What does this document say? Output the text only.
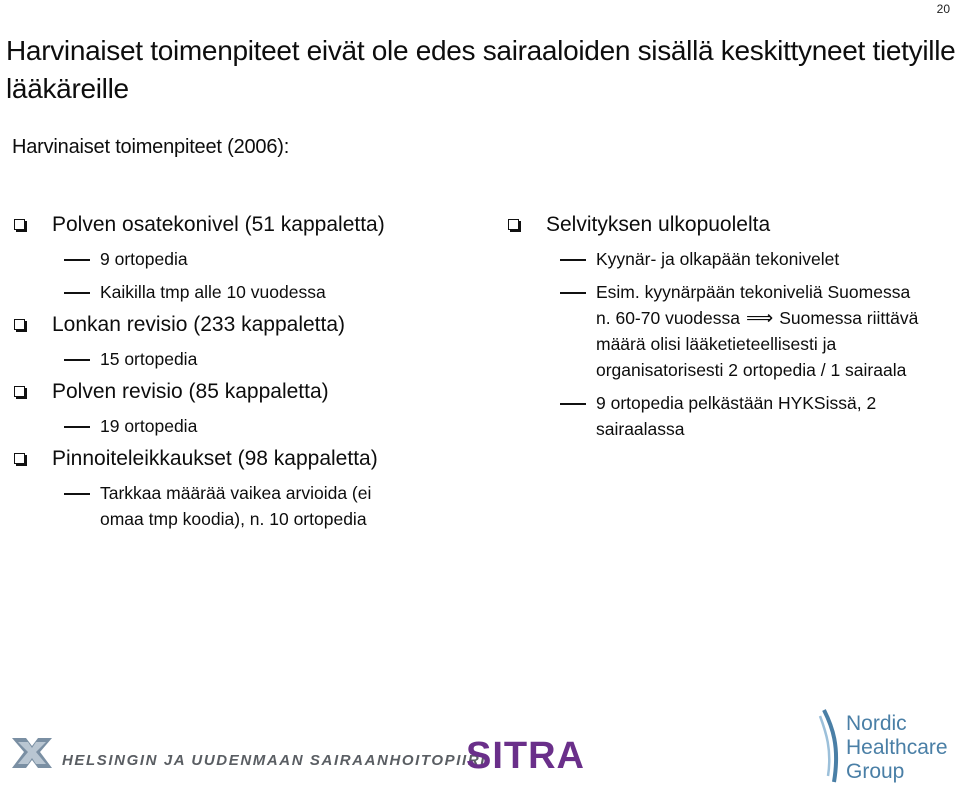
20
Harvinaiset toimenpiteet eivät ole edes sairaaloiden sisällä keskittyneet tietyille lääkäreille
Harvinaiset toimenpiteet (2006):
Polven osatekonivel (51 kappaletta)
9 ortopedia
Kaikilla tmp alle 10 vuodessa
Lonkan revisio (233 kappaletta)
15 ortopedia
Polven revisio (85 kappaletta)
19 ortopedia
Pinnoiteleikkaukset (98 kappaletta)
Tarkkaa määrää vaikea arvioida (ei omaa tmp koodia), n. 10 ortopedia
Selvityksen ulkopuolelta
Kyynär- ja olkapään tekonivelet
Esim. kyynärpään tekoniveliä Suomessa
n. 60-70 vuodessa ⟹ Suomessa riittävä määrä olisi lääketieteellisesti ja organisatorisesti 2 ortopedia / 1 sairaala
9 ortopedia pelkästään HYKSissä, 2 sairaalassa
HELSINGIN JA UUDENMAAN SAIRAANHOITOPIIRI
SITRA
Nordic
Healthcare
Group
